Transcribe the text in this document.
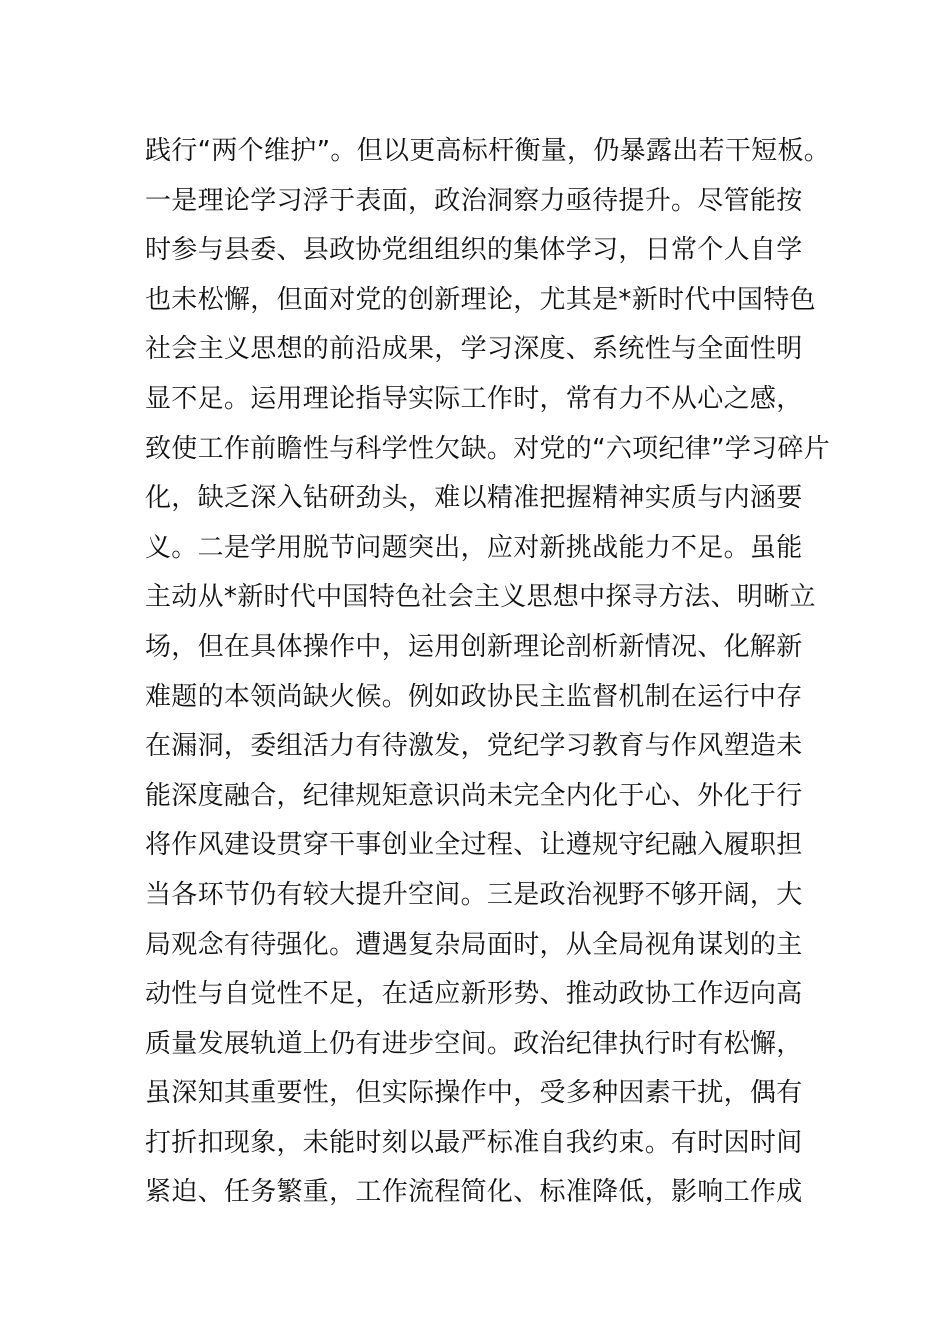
践行“两个维护”。但以更高标杆衡量，仍暴露出若干短板。
一是理论学习浮于表面，政治洞察力亟待提升。尽管能按
时参与县委、县政协党组组织的集体学习，日常个人自学
也未松懈，但面对党的创新理论，尤其是*新时代中国特色
社会主义思想的前沿成果，学习深度、系统性与全面性明
显不足。运用理论指导实际工作时，常有力不从心之感，
致使工作前瞻性与科学性欠缺。对党的“六项纪律”学习碎片
化，缺乏深入钻研劲头，难以精准把握精神实质与内涵要
义。二是学用脱节问题突出，应对新挑战能力不足。虽能
主动从*新时代中国特色社会主义思想中探寻方法、明晰立
场，但在具体操作中，运用创新理论剖析新情况、化解新
难题的本领尚缺火候。例如政协民主监督机制在运行中存
在漏洞，委组活力有待激发，党纪学习教育与作风塑造未
能深度融合，纪律规矩意识尚未完全内化于心、外化于行
将作风建设贯穿干事创业全过程、让遵规守纪融入履职担
当各环节仍有较大提升空间。三是政治视野不够开阔，大
局观念有待强化。遭遇复杂局面时，从全局视角谋划的主
动性与自觉性不足，在适应新形势、推动政协工作迈向高
质量发展轨道上仍有进步空间。政治纪律执行时有松懈，
虽深知其重要性，但实际操作中，受多种因素干扰，偶有
打折扣现象，未能时刻以最严标准自我约束。有时因时间
紧迫、任务繁重，工作流程简化、标准降低，影响工作成
